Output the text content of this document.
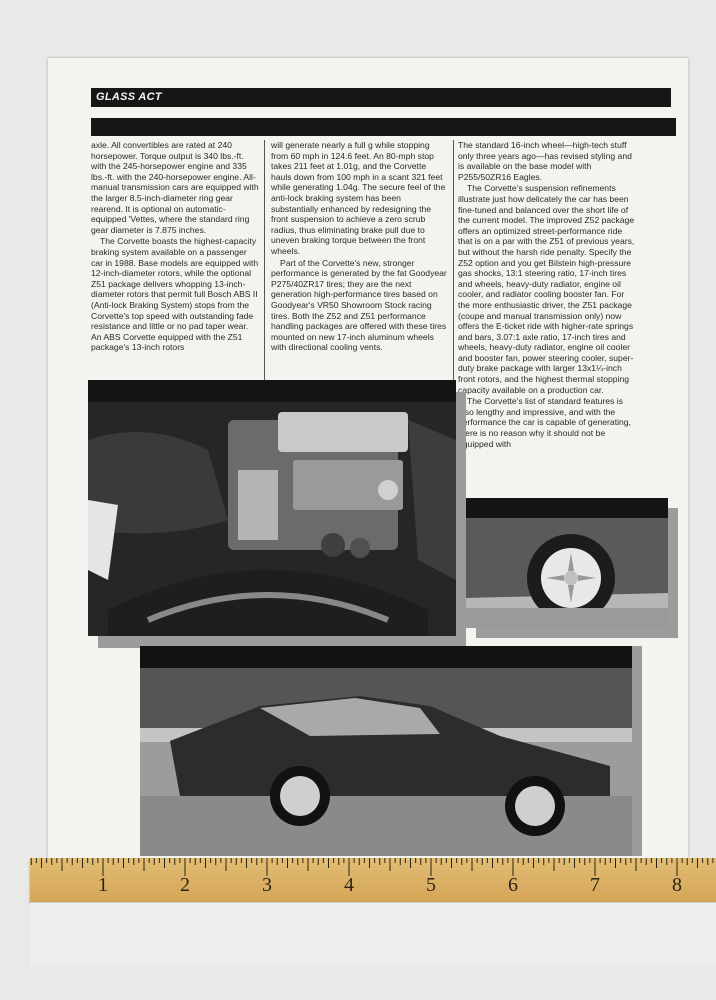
GLASS ACT

axle. All convertibles are rated at 240 horsepower. Torque output is 340 lbs.-ft. with the 245-horsepower engine and 335 lbs.-ft. with the 240-horsepower engine. All-manual transmission cars are equipped with the larger 8.5-inch-diameter ring gear rearend. It is optional on automatic-equipped 'Vettes, where the standard ring gear diameter is 7.875 inches.

The Corvette boasts the highest-capacity braking system available on a passenger car in 1988. Base models are equipped with 12-inch-diameter rotors, while the optional Z51 package delivers whopping 13-inch-diameter rotors that permit full Bosch ABS II (Anti-lock Braking System) stops from the Corvette's top speed with outstanding fade resistance and little or no pad taper wear. An ABS Corvette equipped with the Z51 package's 13-inch rotors

will generate nearly a full g while stopping from 60 mph in 124.6 feet. An 80-mph stop takes 211 feet at 1.01g, and the Corvette hauls down from 100 mph in a scant 321 feet while generating 1.04g. The secure feel of the anti-lock braking system has been substantially enhanced by redesigning the front suspension to achieve a zero scrub radius, thus eliminating brake pull due to uneven braking torque between the front wheels.

Part of the Corvette's new, stronger performance is generated by the fat Goodyear P275/40ZR17 tires; they are the next generation high-performance tires based on Goodyear's VR50 Showroom Stock racing tires. Both the Z52 and Z51 performance handling packages are offered with these tires mounted on new 17-inch aluminum wheels with directional cooling vents.

The standard 16-inch wheel—high-tech stuff only three years ago—has revised styling and is available on the base model with P255/50ZR16 Eagles.

The Corvette's suspension refinements illustrate just how delicately the car has been fine-tuned and balanced over the short life of the current model. The improved Z52 package offers an optimized street-performance ride that is on a par with the Z51 of previous years, but without the harsh ride penalty. Specify the Z52 option and you get Bilstein high-pressure gas shocks, 13:1 steering ratio, 17-inch tires and wheels, heavy-duty radiator, engine oil cooler, and radiator cooling booster fan. For the more enthusiastic driver, the Z51 package (coupe and manual transmission only) now offers the E-ticket ride with higher-rate springs and bars, 3.07:1 axle ratio, 17-inch tires and wheels, heavy-duty radiator, engine oil cooler and booster fan, power steering cooler, super-duty brake package with larger 13x1¼-inch front rotors, and the highest thermal stopping capacity available on a production car.

The Corvette's list of standard features is also lengthy and impressive, and with the performance the car is capable of generating, there is no reason why it should not be equipped with

1	2	3	4	5	6	7	8
